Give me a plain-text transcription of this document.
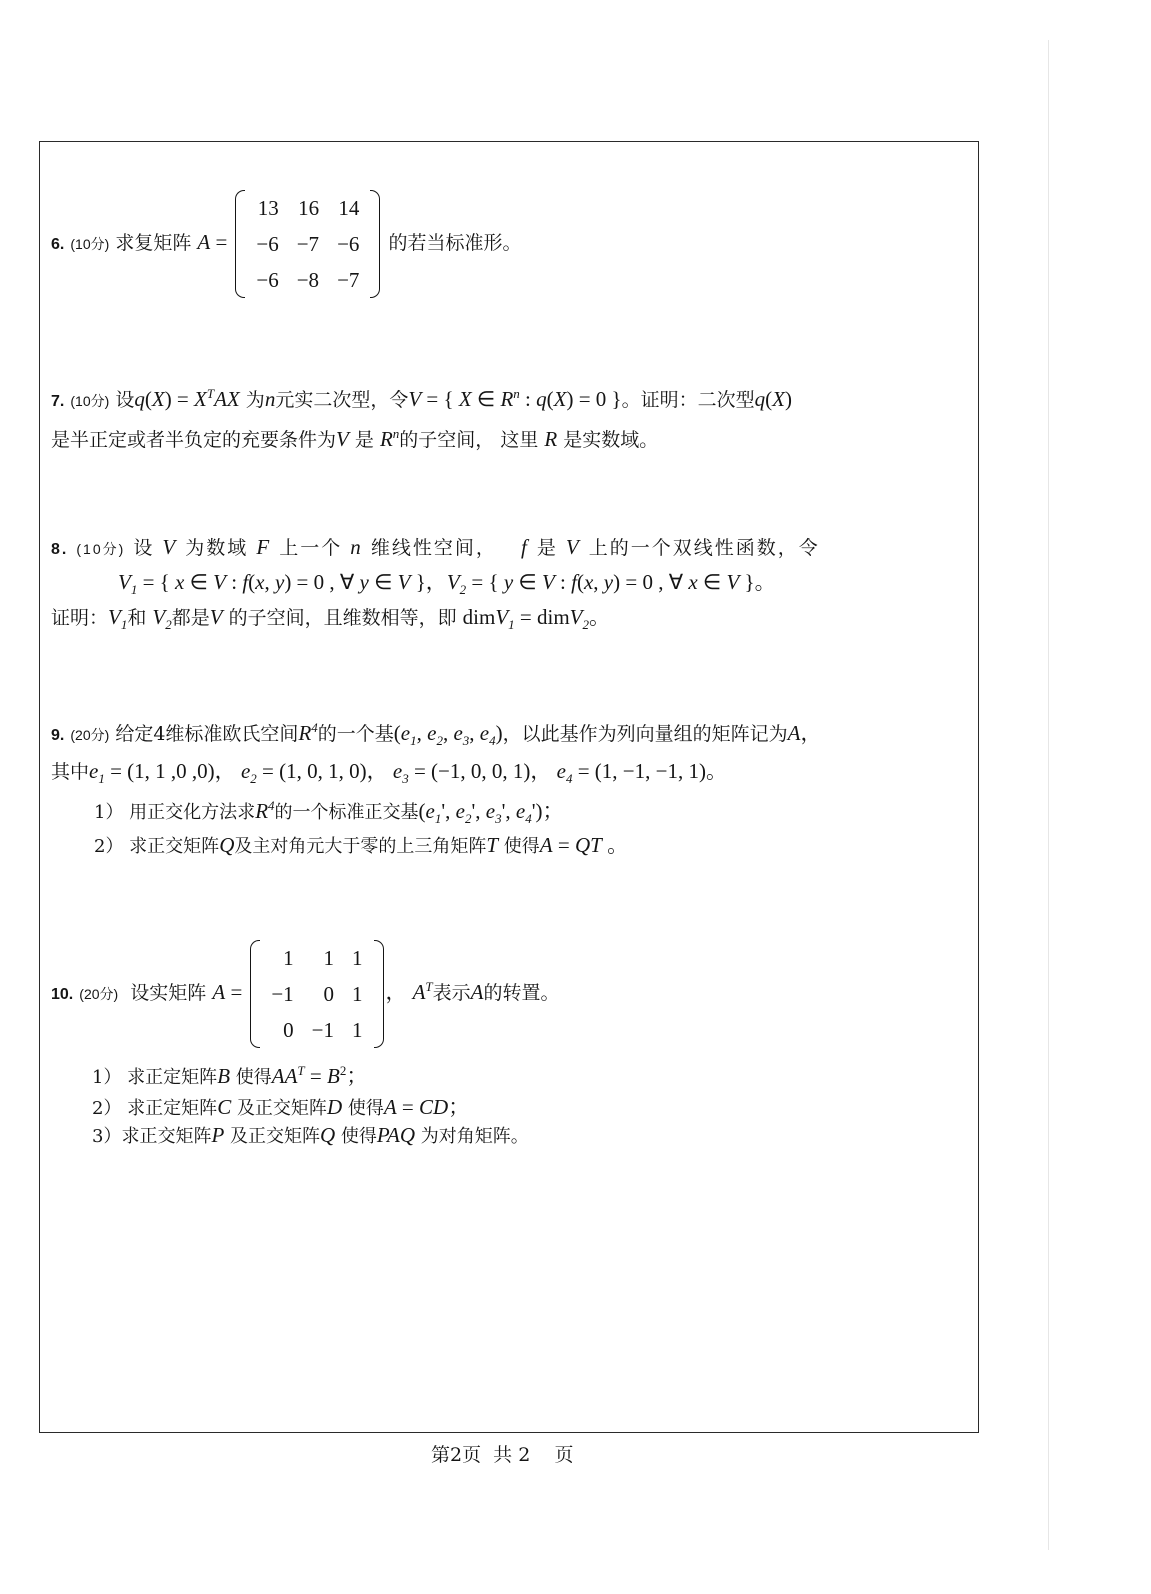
6. (10分) 求复矩阵 A =
13	16	14
−6	−7	−6
−6	−8	−7
的若当标准形。
7. (10分) 设$q(X) = X^TAX$ 为n元实二次型，令V = { X ∈ $R^n$ : q(X) = 0 }。证明：二次型q(X)
是半正定或者半负定的充要条件为V 是 $R^n$的子空间， 这里 R 是实数域。
8. (10分) 设 V 为数域 F 上一个 n 维线性空间， f 是 V 上的一个双线性函数，令
$V_1$ = { x ∈ V : f(x, y) = 0 , ∀ y ∈ V }，$V_2$ = { y ∈ V : f(x, y) = 0 , ∀ x ∈ V }。
证明：$V_1$和 $V_2$都是V 的子空间，且维数相等，即 dimV$_1$ = dimV$_2$。
9. (20分) 给定4维标准欧氏空间$R^4$的一个基($e_1$, $e_2$, $e_3$, $e_4$)，以此基作为列向量组的矩阵记为A，
其中$e_1 = (1$, 1 ,0 ,0)， $e_2 = (1$, 0, 1, 0)， $e_3 = (-1$, 0, 0, 1)， $e_4 = (1$, −1, −1, 1)。
1） 用正交化方法求$R^4$的一个标准正交基($e_1'$, $e_2'$, $e_3'$, $e_4'$)；
2） 求正交矩阵Q及主对角元大于零的上三角矩阵T 使得A = QT 。
10. (20分) 设实矩阵 A =
1	1	1
−1	0	1
0	−1	1
， $A^T$表示A的转置。
1） 求正定矩阵B 使得$AA^T = B^2$；
2） 求正定矩阵C 及正交矩阵D 使得A = CD；
3）求正交矩阵P 及正交矩阵Q 使得PAQ 为对角矩阵。
第2页  共 2    页
